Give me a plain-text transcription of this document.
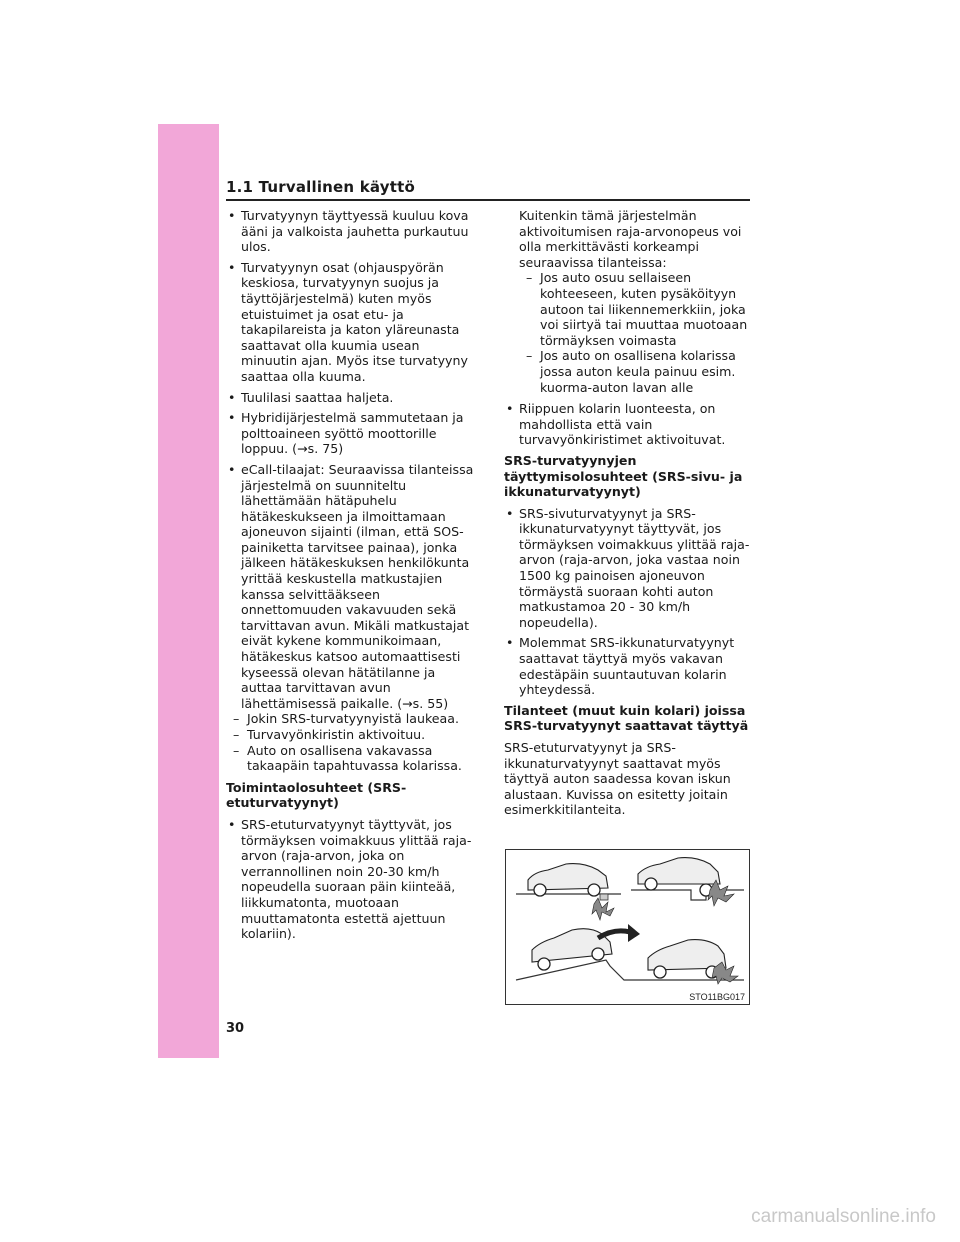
1.1 Turvallinen käyttö
• Turvatyynyn täyttyessä kuuluu kova ääni ja valkoista jauhetta purkautuu ulos.
• Turvatyynyn osat (ohjauspyörän keskiosa, turvatyynyn suojus ja täyttöjärjestelmä) kuten myös etuistuimet ja osat etu- ja takapilareista ja katon yläreunasta saattavat olla kuumia usean minuutin ajan. Myös itse turvatyyny saattaa olla kuuma.
• Tuulilasi saattaa haljeta.
• Hybridijärjestelmä sammutetaan ja polttoaineen syöttö moottorille loppuu. (→s. 75)
• eCall-tilaajat: Seuraavissa tilanteissa järjestelmä on suunniteltu lähettämään hätäpuhelu hätäkeskukseen ja ilmoittamaan ajoneuvon sijainti (ilman, että SOS-painiketta tarvitsee painaa), jonka jälkeen hätäkeskuksen henkilökunta yrittää keskustella matkustajien kanssa selvittääkseen onnettomuuden vakavuuden sekä tarvittavan avun. Mikäli matkustajat eivät kykene kommunikoimaan, hätäkeskus katsoo automaattisesti kyseessä olevan hätätilanne ja auttaa tarvittavan avun lähettämisessä paikalle. (→s. 55)
– Jokin SRS-turvatyynyistä laukeaa.
– Turvavyönkiristin aktivoituu.
– Auto on osallisena vakavassa takaapäin tapahtuvassa kolarissa.
Toimintaolosuhteet (SRS-etuturvatyynyt)
• SRS-etuturvatyynyt täyttyvät, jos törmäyksen voimakkuus ylittää raja-arvon (raja-arvon, joka on verrannollinen noin 20-30 km/h nopeudella suoraan päin kiinteää, liikkumatonta, muotoaan muuttamatonta estettä ajettuun kolariin).
Kuitenkin tämä järjestelmän aktivoitumisen raja-arvonopeus voi olla merkittävästi korkeampi seuraavissa tilanteissa:
– Jos auto osuu sellaiseen kohteeseen, kuten pysäköityyn autoon tai liikennemerkkiin, joka voi siirtyä tai muuttaa muotoaan törmäyksen voimasta
– Jos auto on osallisena kolarissa jossa auton keula painuu esim. kuorma-auton lavan alle
• Riippuen kolarin luonteesta, on mahdollista että vain turvavyönkiristimet aktivoituvat.
SRS-turvatyynyjen täyttymisolosuhteet (SRS-sivu- ja ikkunaturvatyynyt)
• SRS-sivuturvatyynyt ja SRS-ikkunaturvatyynyt täyttyvät, jos törmäyksen voimakkuus ylittää raja-arvon (raja-arvon, joka vastaa noin 1500 kg painoisen ajoneuvon törmäystä suoraan kohti auton matkustamoa 20 - 30 km/h nopeudella).
• Molemmat SRS-ikkunaturvatyynyt saattavat täyttyä myös vakavan edestäpäin suuntautuvan kolarin yhteydessä.
Tilanteet (muut kuin kolari) joissa SRS-turvatyynyt saattavat täyttyä
SRS-etuturvatyynyt ja SRS-ikkunaturvatyynyt saattavat myös täyttyä auton saadessa kovan iskun alustaan. Kuvissa on esitetty joitain esimerkkitilanteita.
STO11BG017
30
carmanualsonline.info
